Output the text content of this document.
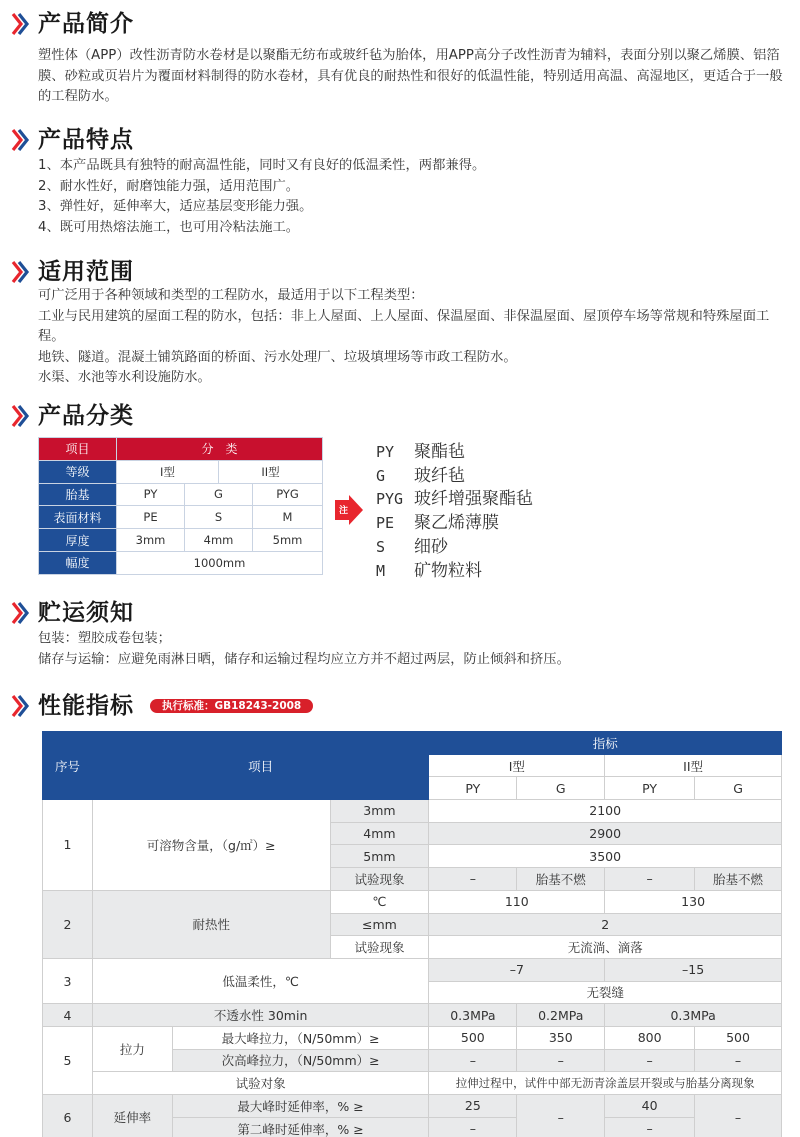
产品简介

塑性体（APP）改性沥青防水卷材是以聚酯无纺布或玻纤毡为胎体，用APP高分子改性沥青为辅料，表面分别以聚乙烯膜、铝箔膜、砂粒或页岩片为覆面材料制得的防水卷材，具有优良的耐热性和很好的低温性能，特别适用高温、高湿地区，更适合于一般的工程防水。

产品特点

1、本产品既具有独特的耐高温性能，同时又有良好的低温柔性，两都兼得。

2、耐水性好，耐磨蚀能力强，适用范围广。

3、弹性好，延伸率大，适应基层变形能力强。

4、既可用热熔法施工，也可用冷粘法施工。

适用范围

可广泛用于各种领域和类型的工程防水，最适用于以下工程类型：

工业与民用建筑的屋面工程的防水，包括：非上人屋面、上人屋面、保温屋面、非保温屋面、屋顶停车场等常规和特殊屋面工程。

地铁、隧道。混凝土铺筑路面的桥面、污水处理厂、垃圾填埋场等市政工程防水。

水渠、水池等水利设施防水。

产品分类
项目	分　类			
等级	I型		II型	
胎基	PY	G		PYG
表面材料	PE	S		M
厚度	3mm	4mm		5mm
幅度	1000mm			
注
PY	聚酯毡
G	玻纤毡
PYG 玻纤增强聚酯毡
PE	聚乙烯薄膜
S	细砂
M	矿物粒料
贮运须知

包装：塑胶成卷包装；

储存与运输：应避免雨淋日晒，储存和运输过程均应立方并不超过两层，防止倾斜和挤压。

性能指标	执行标准：GB18243-2008
序号	项目			指标			
				I型		II型	
				PY	G	PY	G
1	可溶物含量，（g/㎡）≥		3mm	2100			
			4mm	2900			
			5mm	3500			
			试验现象	–	胎基不燃	–	胎基不燃
2	耐热性		℃	110		130	
			≤mm	2			
			试验现象	无流淌、滴落			
3	低温柔性，℃			–7		–15	
				无裂缝			
4	不透水性 30min			0.3MPa	0.2MPa	0.3MPa	
5	拉力	最大峰拉力，（N/50mm）≥		500	350	800	500
		次高峰拉力，（N/50mm）≥		–	–	–	–
	试验对象			拉伸过程中，试件中部无沥青涂盖层开裂或与胎基分离现象			
6	延伸率	最大峰时延伸率，% ≥		25	–	40	–
		第二峰时延伸率，% ≥		–		–	
